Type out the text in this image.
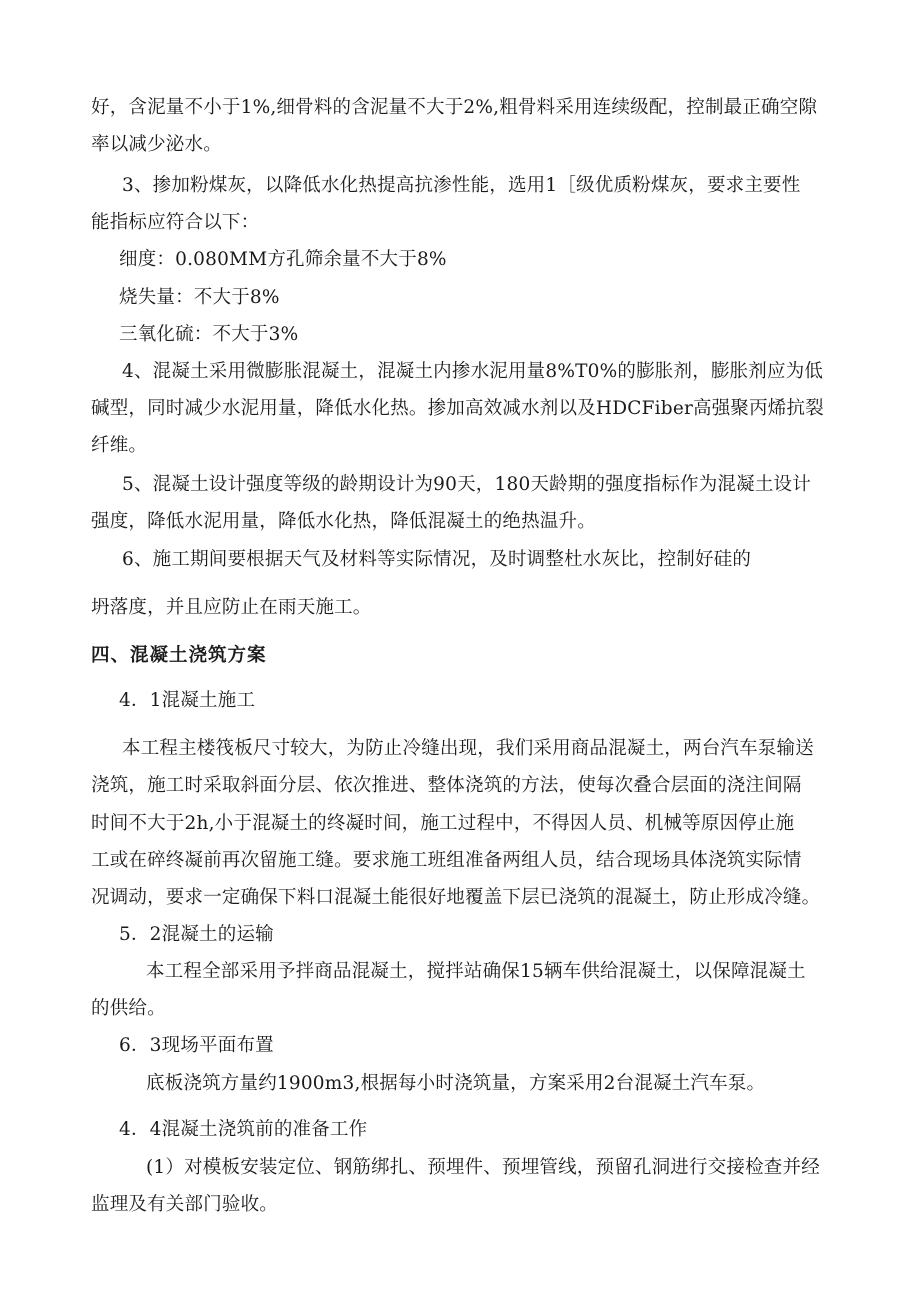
好，含泥量不小于1%,细骨料的含泥量不大于2%,粗骨料采用连续级配，控制最正确空隙
率以减少泌水。
3、掺加粉煤灰，以降低水化热提高抗渗性能，选用1［级优质粉煤灰，要求主要性
能指标应符合以下：
细度：0.080MM方孔筛余量不大于8%
烧失量：不大于8%
三氧化硫：不大于3%
4、混凝土采用微膨胀混凝土，混凝土内掺水泥用量8%T0%的膨胀剂，膨胀剂应为低
碱型，同时减少水泥用量，降低水化热。掺加高效减水剂以及HDCFiber高强聚丙烯抗裂
纤维。
5、混凝土设计强度等级的龄期设计为90天，180天龄期的强度指标作为混凝土设计
强度，降低水泥用量，降低水化热，降低混凝土的绝热温升。
6、施工期间要根据天气及材料等实际情况，及时调整杜水灰比，控制好硅的
坍落度，并且应防止在雨天施工。
四、混凝土浇筑方案
4．1混凝土施工
本工程主楼筏板尺寸较大，为防止冷缝出现，我们采用商品混凝土，两台汽车泵输送
浇筑，施工时采取斜面分层、依次推进、整体浇筑的方法，使每次叠合层面的浇注间隔
时间不大于2h,小于混凝土的终凝时间，施工过程中，不得因人员、机械等原因停止施
工或在碎终凝前再次留施工缝。要求施工班组准备两组人员，结合现场具体浇筑实际情
况调动，要求一定确保下料口混凝土能很好地覆盖下层已浇筑的混凝土，防止形成冷缝。
5．2混凝土的运输
本工程全部采用予拌商品混凝土，搅拌站确保15辆车供给混凝土，以保障混凝土
的供给。
6．3现场平面布置
底板浇筑方量约1900m3,根据每小时浇筑量，方案采用2台混凝土汽车泵。
4．4混凝土浇筑前的准备工作
(1）对模板安装定位、钢筋绑扎、预埋件、预埋管线，预留孔洞进行交接检查并经
监理及有关部门验收。
